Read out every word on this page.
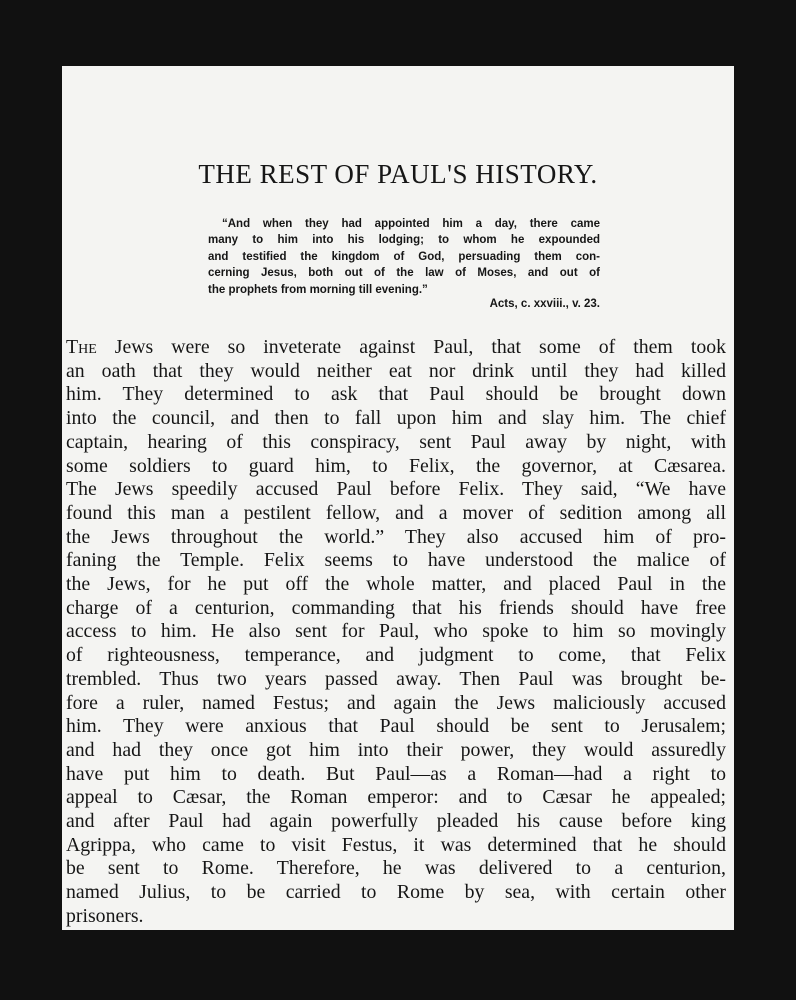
THE REST OF PAUL'S HISTORY.
“And when they had appointed him a day, there came
many to him into his lodging; to whom he expounded
and testified the kingdom of God, persuading them con-
cerning Jesus, both out of the law of Moses, and out of
the prophets from morning till evening.”
Acts, c. xxviii., v. 23.
The Jews were so inveterate against Paul, that some of them took
an oath that they would neither eat nor drink until they had killed
him. They determined to ask that Paul should be brought down
into the council, and then to fall upon him and slay him. The chief
captain, hearing of this conspiracy, sent Paul away by night, with
some soldiers to guard him, to Felix, the governor, at Cæsarea.
The Jews speedily accused Paul before Felix. They said, “We have
found this man a pestilent fellow, and a mover of sedition among all
the Jews throughout the world.” They also accused him of pro-
faning the Temple. Felix seems to have understood the malice of
the Jews, for he put off the whole matter, and placed Paul in the
charge of a centurion, commanding that his friends should have free
access to him. He also sent for Paul, who spoke to him so movingly
of righteousness, temperance, and judgment to come, that Felix
trembled. Thus two years passed away. Then Paul was brought be-
fore a ruler, named Festus; and again the Jews maliciously accused
him. They were anxious that Paul should be sent to Jerusalem;
and had they once got him into their power, they would assuredly
have put him to death. But Paul—as a Roman—had a right to
appeal to Cæsar, the Roman emperor: and to Cæsar he appealed;
and after Paul had again powerfully pleaded his cause before king
Agrippa, who came to visit Festus, it was determined that he should
be sent to Rome. Therefore, he was delivered to a centurion,
named Julius, to be carried to Rome by sea, with certain other
prisoners.
